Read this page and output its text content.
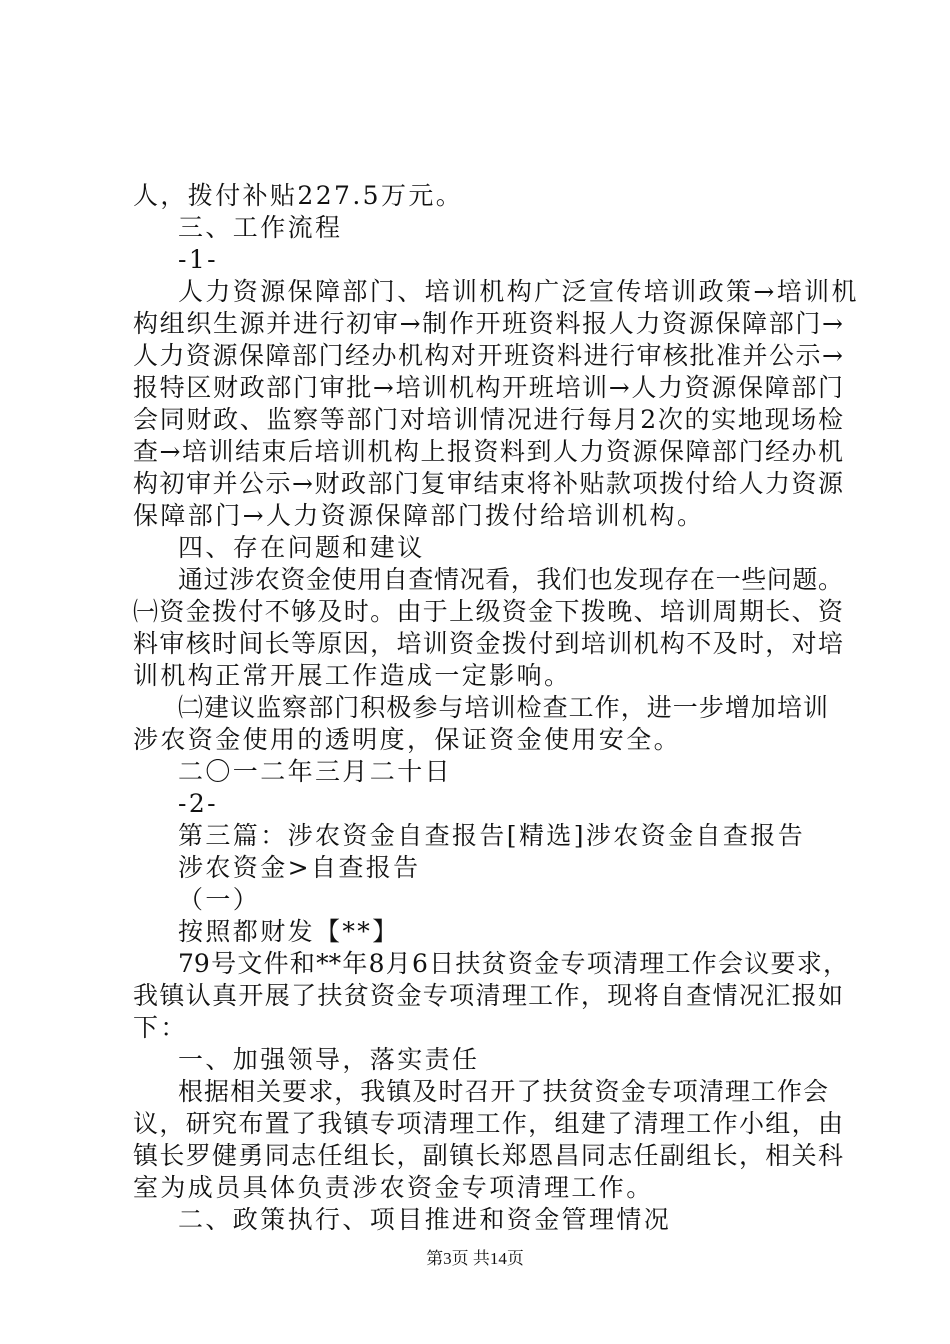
人，拨付补贴227.5万元。
三、工作流程
-1-
人力资源保障部门、培训机构广泛宣传培训政策→培训机
构组织生源并进行初审→制作开班资料报人力资源保障部门→
人力资源保障部门经办机构对开班资料进行审核批准并公示→
报特区财政部门审批→培训机构开班培训→人力资源保障部门
会同财政、监察等部门对培训情况进行每月2次的实地现场检
查→培训结束后培训机构上报资料到人力资源保障部门经办机
构初审并公示→财政部门复审结束将补贴款项拨付给人力资源
保障部门→人力资源保障部门拨付给培训机构。
四、存在问题和建议
通过涉农资金使用自查情况看，我们也发现存在一些问题。
㈠资金拨付不够及时。由于上级资金下拨晚、培训周期长、资
料审核时间长等原因，培训资金拨付到培训机构不及时，对培
训机构正常开展工作造成一定影响。
㈡建议监察部门积极参与培训检查工作，进一步增加培训
涉农资金使用的透明度，保证资金使用安全。
二〇一二年三月二十日
-2-
第三篇：涉农资金自查报告[精选]涉农资金自查报告
涉农资金>自查报告
（一）
按照都财发【**】
79号文件和**年8月6日扶贫资金专项清理工作会议要求，
我镇认真开展了扶贫资金专项清理工作，现将自查情况汇报如
下：
一、加强领导，落实责任
根据相关要求，我镇及时召开了扶贫资金专项清理工作会
议，研究布置了我镇专项清理工作，组建了清理工作小组，由
镇长罗健勇同志任组长，副镇长郑恩昌同志任副组长，相关科
室为成员具体负责涉农资金专项清理工作。
二、政策执行、项目推进和资金管理情况
第3页 共14页
